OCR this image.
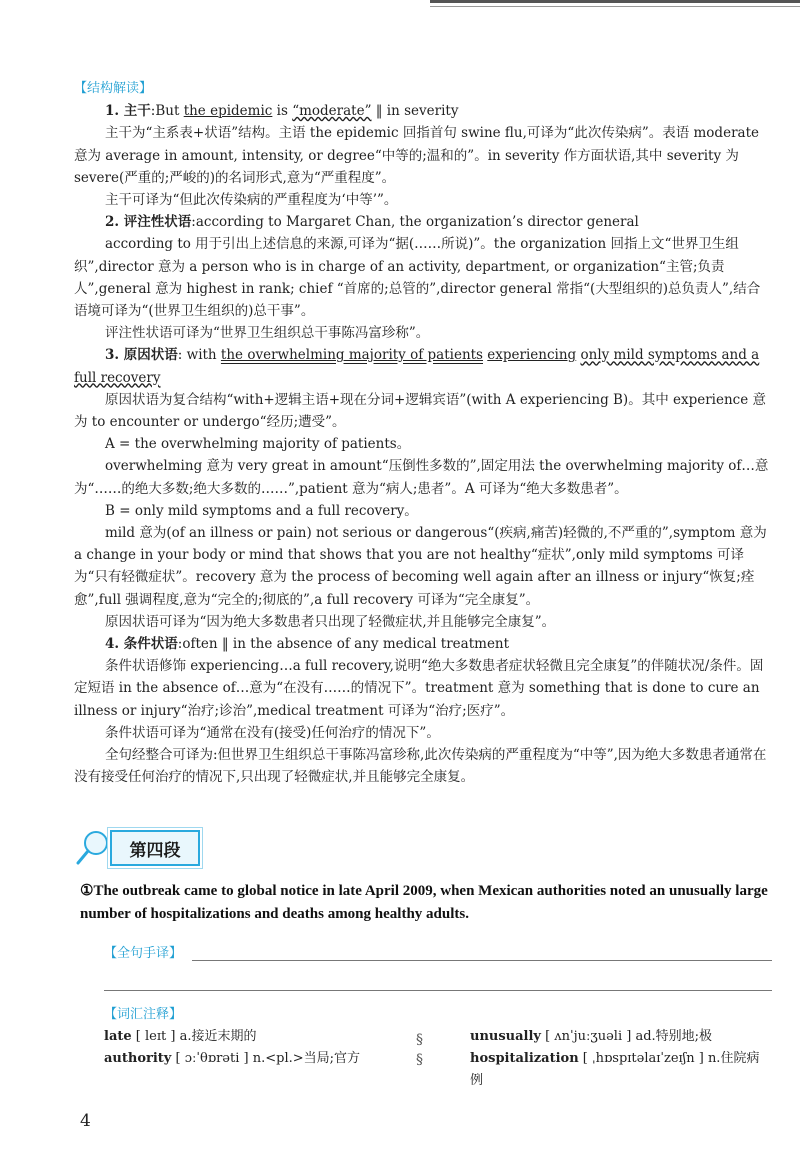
【结构解读】

1. 主干:But the epidemic is “moderate” ‖ in severity

主干为“主系表+状语”结构。主语 the epidemic 回指首句 swine flu,可译为“此次传染病”。表语 moderate 意为 average in amount, intensity, or degree“中等的;温和的”。in severity 作方面状语,其中 severity 为 severe(严重的;严峻的)的名词形式,意为“严重程度”。

主干可译为“但此次传染病的严重程度为‘中等’”。

2. 评注性状语:according to Margaret Chan, the organization’s director general

according to 用于引出上述信息的来源,可译为“据(……所说)”。the organization 回指上文“世界卫生组织”,director 意为 a person who is in charge of an activity, department, or organization“主管;负责人”,general 意为 highest in rank; chief “首席的;总管的”,director general 常指“(大型组织的)总负责人”,结合语境可译为“(世界卫生组织的)总干事”。

评注性状语可译为“世界卫生组织总干事陈冯富珍称”。

3. 原因状语: with the overwhelming majority of patients experiencing only mild symptoms and a full recovery

原因状语为复合结构“with+逻辑主语+现在分词+逻辑宾语”(with A experiencing B)。其中 experience 意为 to encounter or undergo“经历;遭受”。

A = the overwhelming majority of patients。

overwhelming 意为 very great in amount“压倒性多数的”,固定用法 the overwhelming majority of…意为“……的绝大多数;绝大多数的……”,patient 意为“病人;患者”。A 可译为“绝大多数患者”。

B = only mild symptoms and a full recovery。

mild 意为(of an illness or pain) not serious or dangerous“(疾病,痛苦)轻微的,不严重的”,symptom 意为 a change in your body or mind that shows that you are not healthy“症状”,only mild symptoms 可译为“只有轻微症状”。recovery 意为 the process of becoming well again after an illness or injury“恢复;痊愈”,full 强调程度,意为“完全的;彻底的”,a full recovery 可译为“完全康复”。

原因状语可译为“因为绝大多数患者只出现了轻微症状,并且能够完全康复”。

4. 条件状语:often ‖ in the absence of any medical treatment

条件状语修饰 experiencing…a full recovery,说明“绝大多数患者症状轻微且完全康复”的伴随状况/条件。固定短语 in the absence of…意为“在没有……的情况下”。treatment 意为 something that is done to cure an illness or injury“治疗;诊治”,medical treatment 可译为“治疗;医疗”。

条件状语可译为“通常在没有(接受)任何治疗的情况下”。

全句经整合可译为:但世界卫生组织总干事陈冯富珍称,此次传染病的严重程度为“中等”,因为绝大多数患者通常在没有接受任何治疗的情况下,只出现了轻微症状,并且能够完全康复。

第四段
①The outbreak came to global notice in late April 2009, when Mexican authorities noted an unusually large number of hospitalizations and deaths among healthy adults.
【全句手译】
【词汇注释】
late [ leɪt ] a.接近末期的
authority [ ɔːˈθɒrəti ] n.<pl.>当局;官方
§
§
unusually [ ʌnˈjuːʒuəli ] ad.特别地;极
hospitalization [ ˌhɒspɪtəlaɪˈzeɪʃn ] n.住院病例
4
